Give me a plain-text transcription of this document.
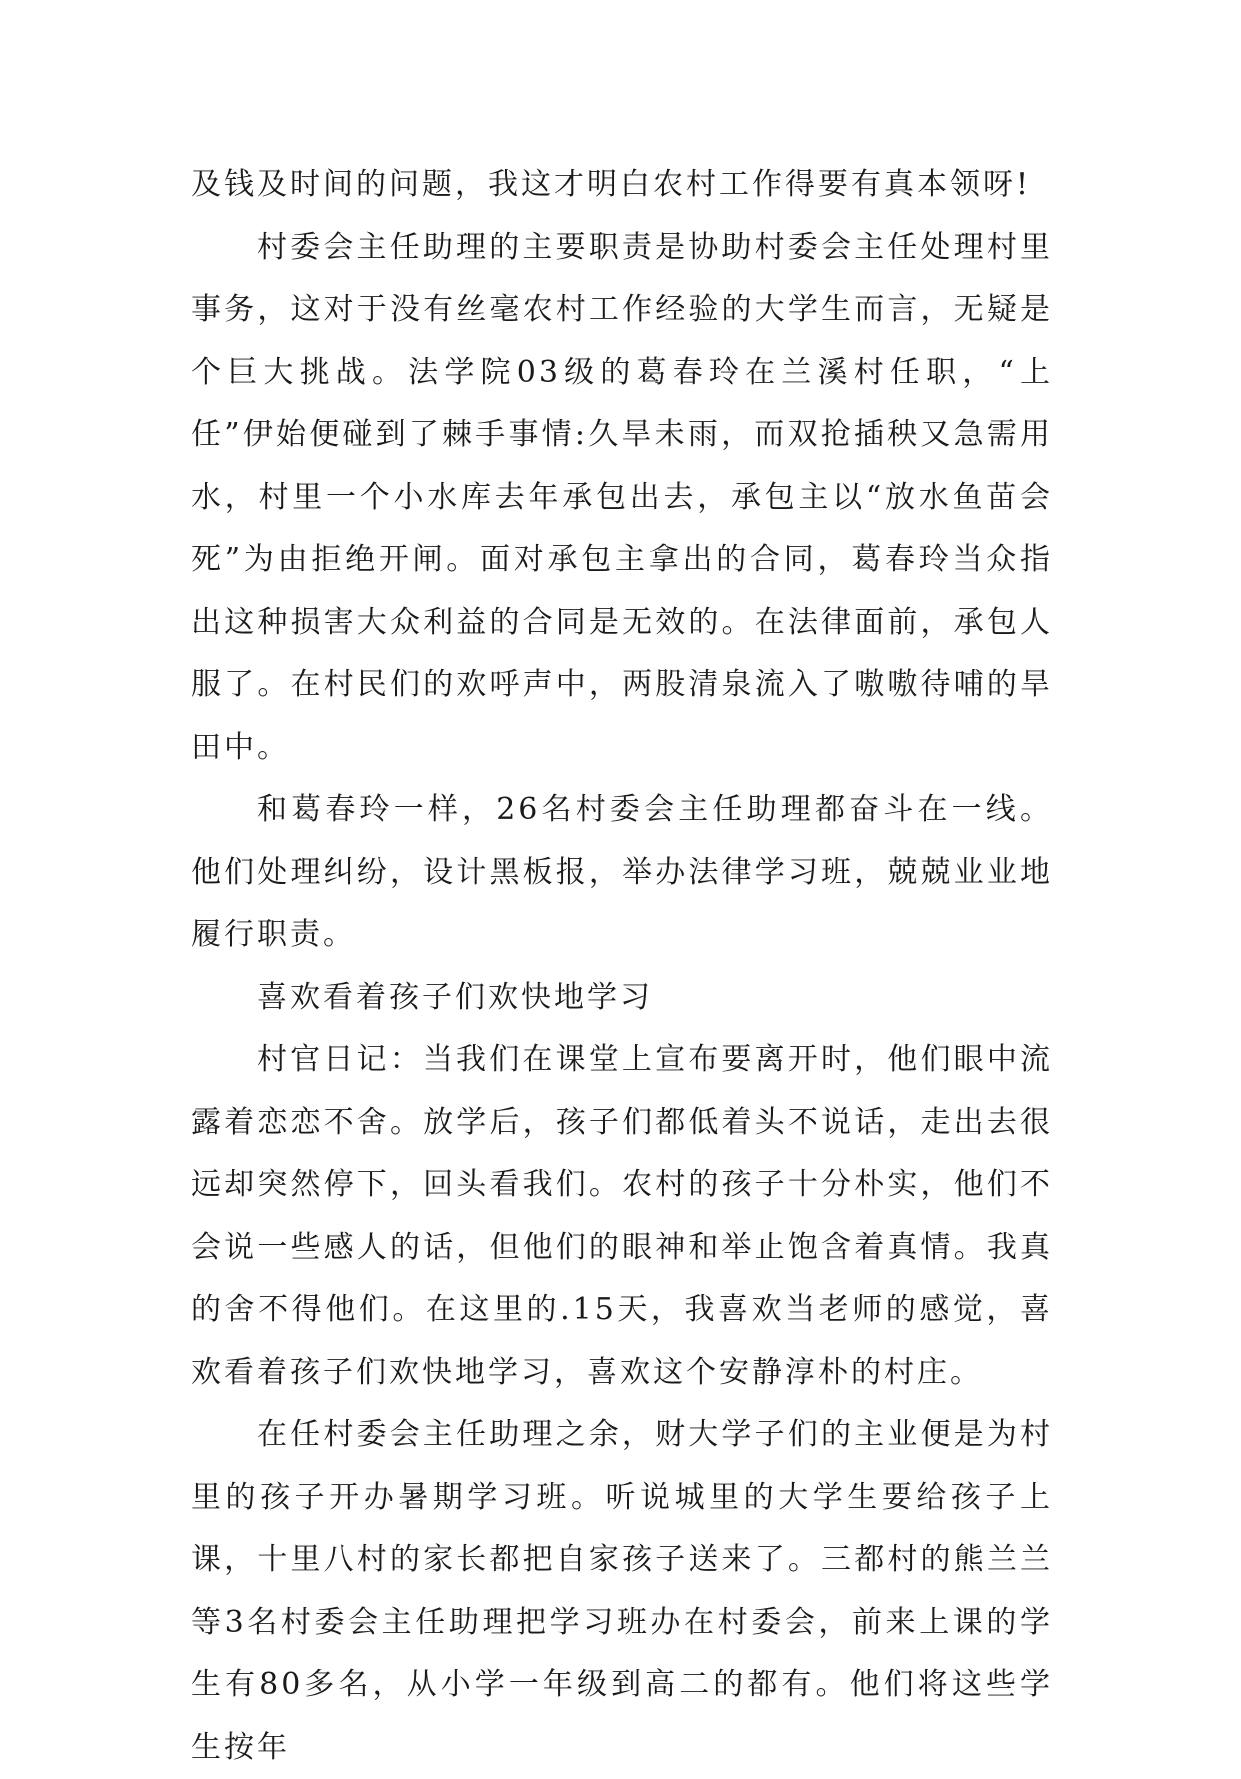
及钱及时间的问题，我这才明白农村工作得要有真本领呀!

村委会主任助理的主要职责是协助村委会主任处理村里事务，这对于没有丝毫农村工作经验的大学生而言，无疑是个巨大挑战。法学院03级的葛春玲在兰溪村任职，“上任”伊始便碰到了棘手事情:久旱未雨，而双抢插秧又急需用水，村里一个小水库去年承包出去，承包主以“放水鱼苗会死”为由拒绝开闸。面对承包主拿出的合同，葛春玲当众指出这种损害大众利益的合同是无效的。在法律面前，承包人服了。在村民们的欢呼声中，两股清泉流入了嗷嗷待哺的旱田中。

和葛春玲一样，26名村委会主任助理都奋斗在一线。他们处理纠纷，设计黑板报，举办法律学习班，兢兢业业地履行职责。

喜欢看着孩子们欢快地学习

村官日记：当我们在课堂上宣布要离开时，他们眼中流露着恋恋不舍。放学后，孩子们都低着头不说话，走出去很远却突然停下，回头看我们。农村的孩子十分朴实，他们不会说一些感人的话，但他们的眼神和举止饱含着真情。我真的舍不得他们。在这里的.15天，我喜欢当老师的感觉，喜欢看着孩子们欢快地学习，喜欢这个安静淳朴的村庄。

在任村委会主任助理之余，财大学子们的主业便是为村里的孩子开办暑期学习班。听说城里的大学生要给孩子上课，十里八村的家长都把自家孩子送来了。三都村的熊兰兰等3名村委会主任助理把学习班办在村委会，前来上课的学生有80多名，从小学一年级到高二的都有。他们将这些学生按年
